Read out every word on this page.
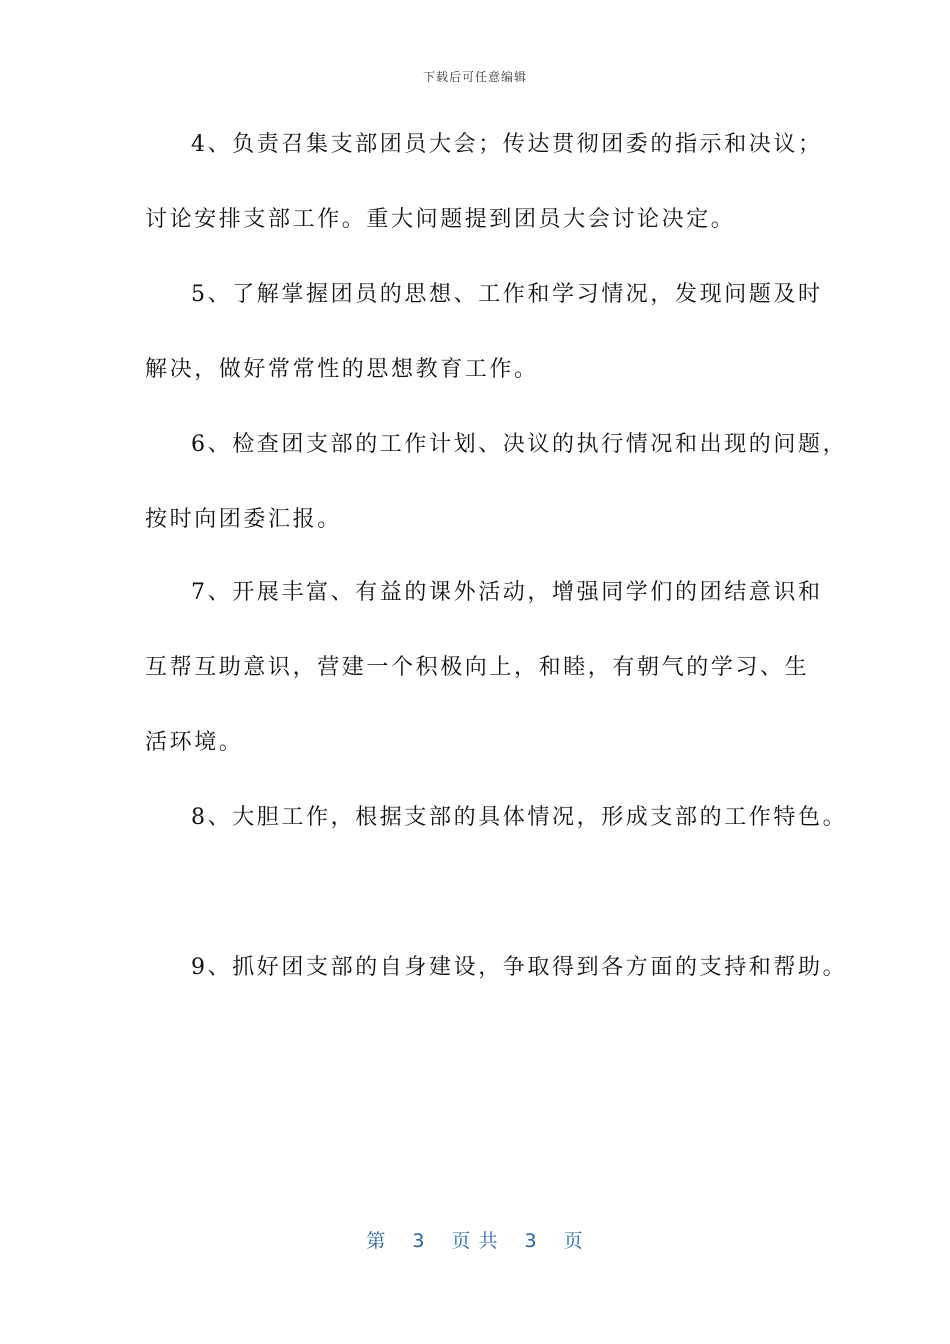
下载后可任意编辑
4、负责召集支部团员大会；传达贯彻团委的指示和决议；
讨论安排支部工作。重大问题提到团员大会讨论决定。
5、了解掌握团员的思想、工作和学习情况，发现问题及时
解决，做好常常性的思想教育工作。
6、检查团支部的工作计划、决议的执行情况和出现的问题，
按时向团委汇报。
7、开展丰富、有益的课外活动，增强同学们的团结意识和
互帮互助意识，营建一个积极向上，和睦，有朝气的学习、生
活环境。
8、大胆工作，根据支部的具体情况，形成支部的工作特色。
9、抓好团支部的自身建设，争取得到各方面的支持和帮助。
第 3 页 共 3 页
